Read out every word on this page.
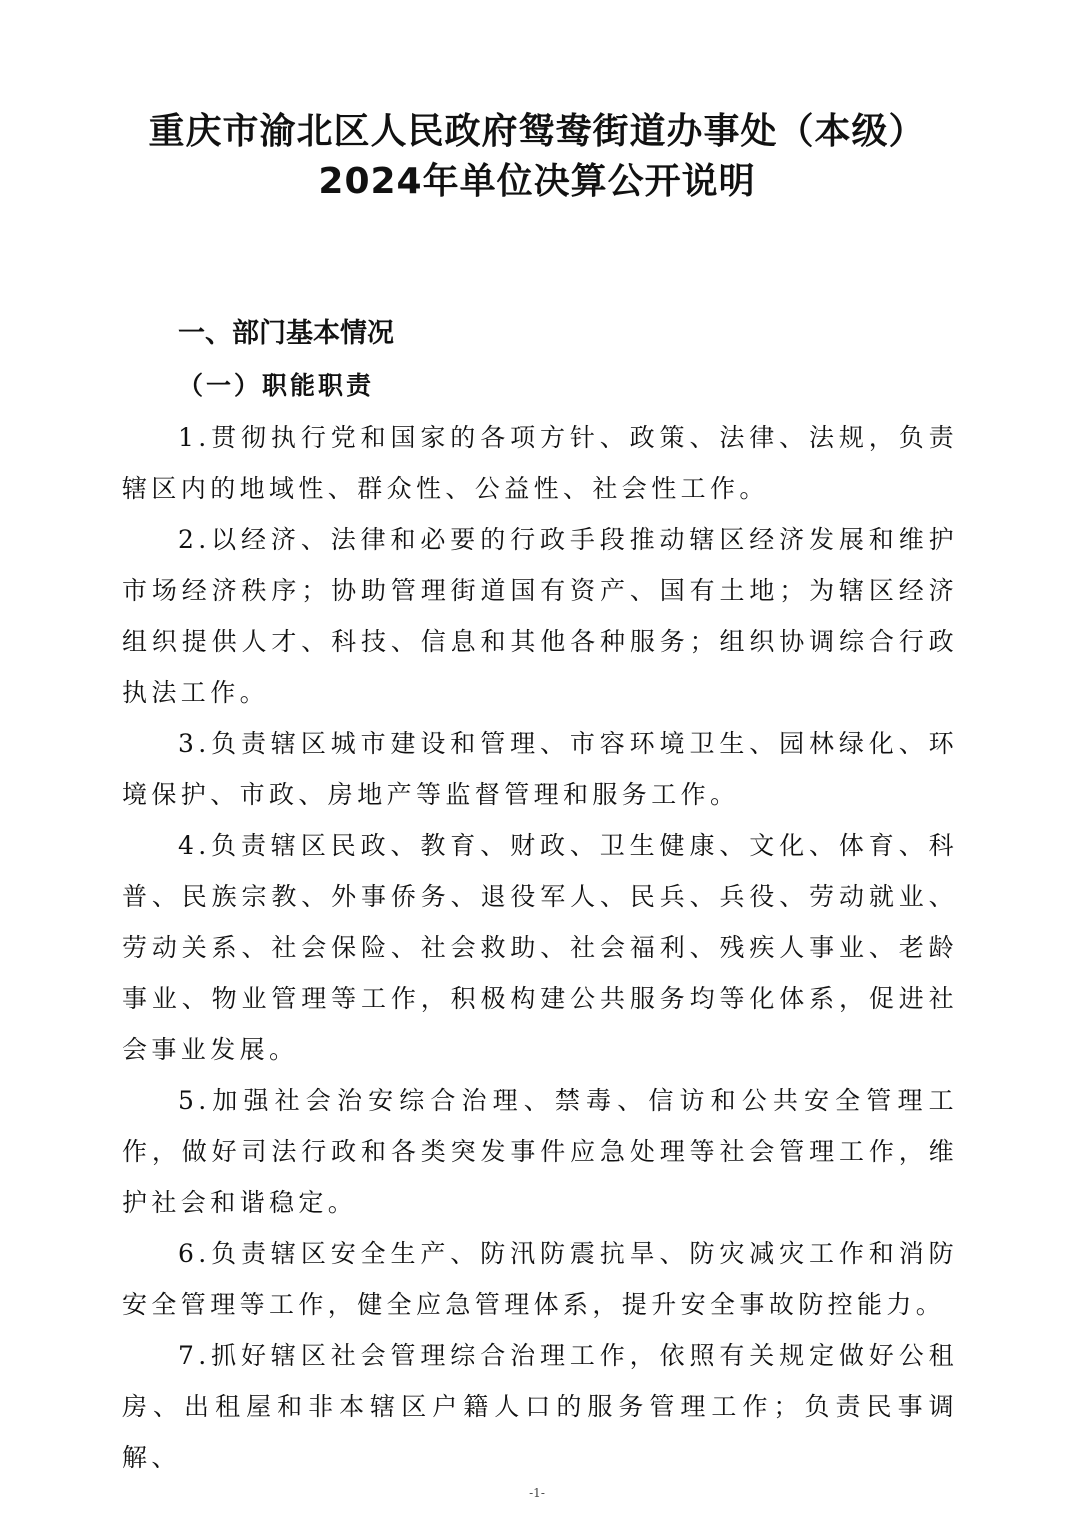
重庆市渝北区人民政府鸳鸯街道办事处（本级）
2024年单位决算公开说明
一、部门基本情况
（一）职能职责

1.贯彻执行党和国家的各项方针、政策、法律、法规，负责辖区内的地域性、群众性、公益性、社会性工作。

2.以经济、法律和必要的行政手段推动辖区经济发展和维护市场经济秩序；协助管理街道国有资产、国有土地；为辖区经济组织提供人才、科技、信息和其他各种服务；组织协调综合行政执法工作。

3.负责辖区城市建设和管理、市容环境卫生、园林绿化、环境保护、市政、房地产等监督管理和服务工作。

4.负责辖区民政、教育、财政、卫生健康、文化、体育、科普、民族宗教、外事侨务、退役军人、民兵、兵役、劳动就业、劳动关系、社会保险、社会救助、社会福利、残疾人事业、老龄事业、物业管理等工作，积极构建公共服务均等化体系，促进社会事业发展。

5.加强社会治安综合治理、禁毒、信访和公共安全管理工作，做好司法行政和各类突发事件应急处理等社会管理工作，维护社会和谐稳定。

6.负责辖区安全生产、防汛防震抗旱、防灾减灾工作和消防安全管理等工作，健全应急管理体系，提升安全事故防控能力。

7.抓好辖区社会管理综合治理工作，依照有关规定做好公租房、出租屋和非本辖区户籍人口的服务管理工作；负责民事调解、

-1-
